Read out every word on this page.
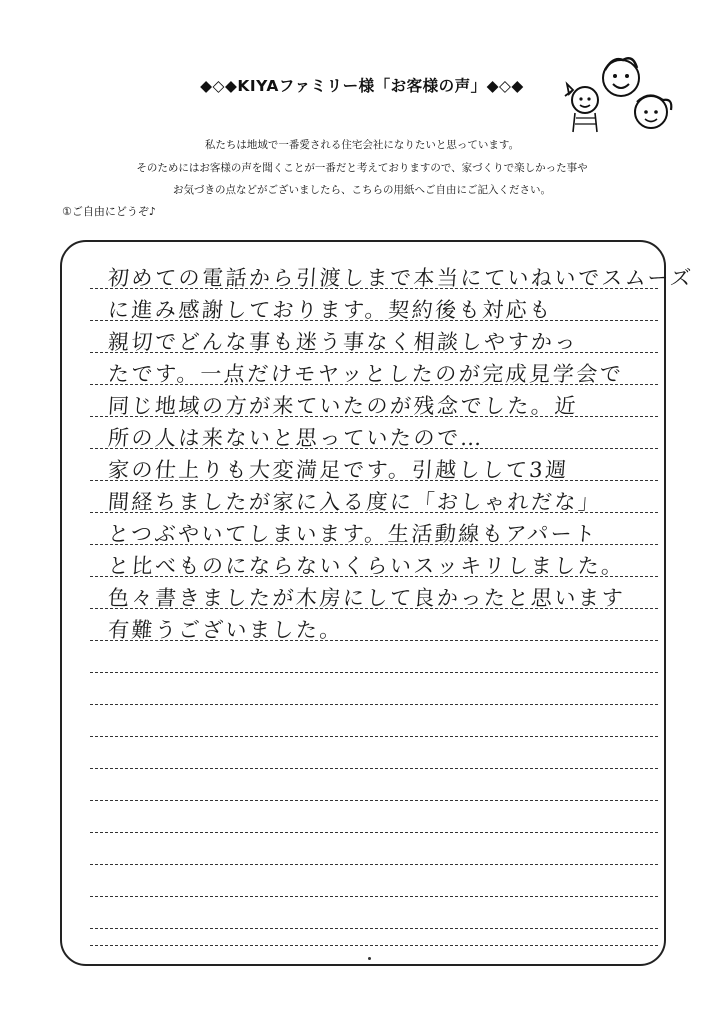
◆◇◆KIYAファミリー様「お客様の声」◆◇◆
私たちは地域で一番愛される住宅会社になりたいと思っています。
そのためにはお客様の声を聞くことが一番だと考えておりますので、家づくりで楽しかった事や
お気づきの点などがございましたら、こちらの用紙へご自由にご記入ください。
①ご自由にどうぞ♪
初めての電話から引渡しまで本当にていねいでスムーズ
に進み感謝しております。契約後も対応も
親切でどんな事も迷う事なく相談しやすかっ
たです。一点だけモヤッとしたのが完成見学会で
同じ地域の方が来ていたのが残念でした。近
所の人は来ないと思っていたので…
家の仕上りも大変満足です。引越しして3週
間経ちましたが家に入る度に「おしゃれだな」
とつぶやいてしまいます。生活動線もアパート
と比べものにならないくらいスッキリしました。
色々書きましたが木房にして良かったと思います
有難うございました。
